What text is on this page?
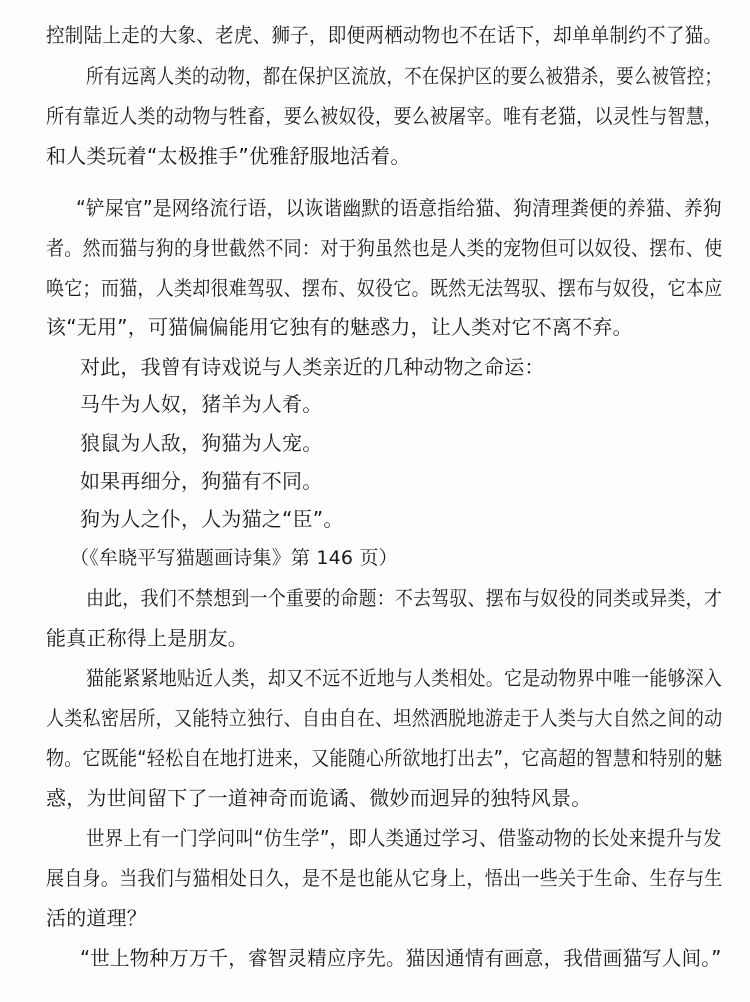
控制陆上走的大象、老虎、狮子，即便两栖动物也不在话下，却单单制约不了猫。

所有远离人类的动物，都在保护区流放，不在保护区的要么被猎杀，要么被管控；

所有靠近人类的动物与牲畜，要么被奴役，要么被屠宰。唯有老猫，以灵性与智慧，

和人类玩着“太极推手”优雅舒服地活着。

“铲屎官”是网络流行语，以诙谐幽默的语意指给猫、狗清理粪便的养猫、养狗

者。然而猫与狗的身世截然不同：对于狗虽然也是人类的宠物但可以奴役、摆布、使

唤它；而猫，人类却很难驾驭、摆布、奴役它。既然无法驾驭、摆布与奴役，它本应

该“无用”，可猫偏偏能用它独有的魅惑力，让人类对它不离不弃。

对此，我曾有诗戏说与人类亲近的几种动物之命运：

马牛为人奴，猪羊为人肴。

狼鼠为人敌，狗猫为人宠。

如果再细分，狗猫有不同。

狗为人之仆，人为猫之“臣”。

（《牟晓平写猫题画诗集》第 146 页）

由此，我们不禁想到一个重要的命题：不去驾驭、摆布与奴役的同类或异类，才

能真正称得上是朋友。

猫能紧紧地贴近人类，却又不远不近地与人类相处。它是动物界中唯一能够深入

人类私密居所，又能特立独行、自由自在、坦然洒脱地游走于人类与大自然之间的动

物。它既能“轻松自在地打进来，又能随心所欲地打出去”，它高超的智慧和特别的魅

惑，为世间留下了一道神奇而诡谲、微妙而迥异的独特风景。

世界上有一门学问叫“仿生学”，即人类通过学习、借鉴动物的长处来提升与发

展自身。当我们与猫相处日久，是不是也能从它身上，悟出一些关于生命、生存与生

活的道理？

“世上物种万万千，睿智灵精应序先。猫因通情有画意，我借画猫写人间。”
